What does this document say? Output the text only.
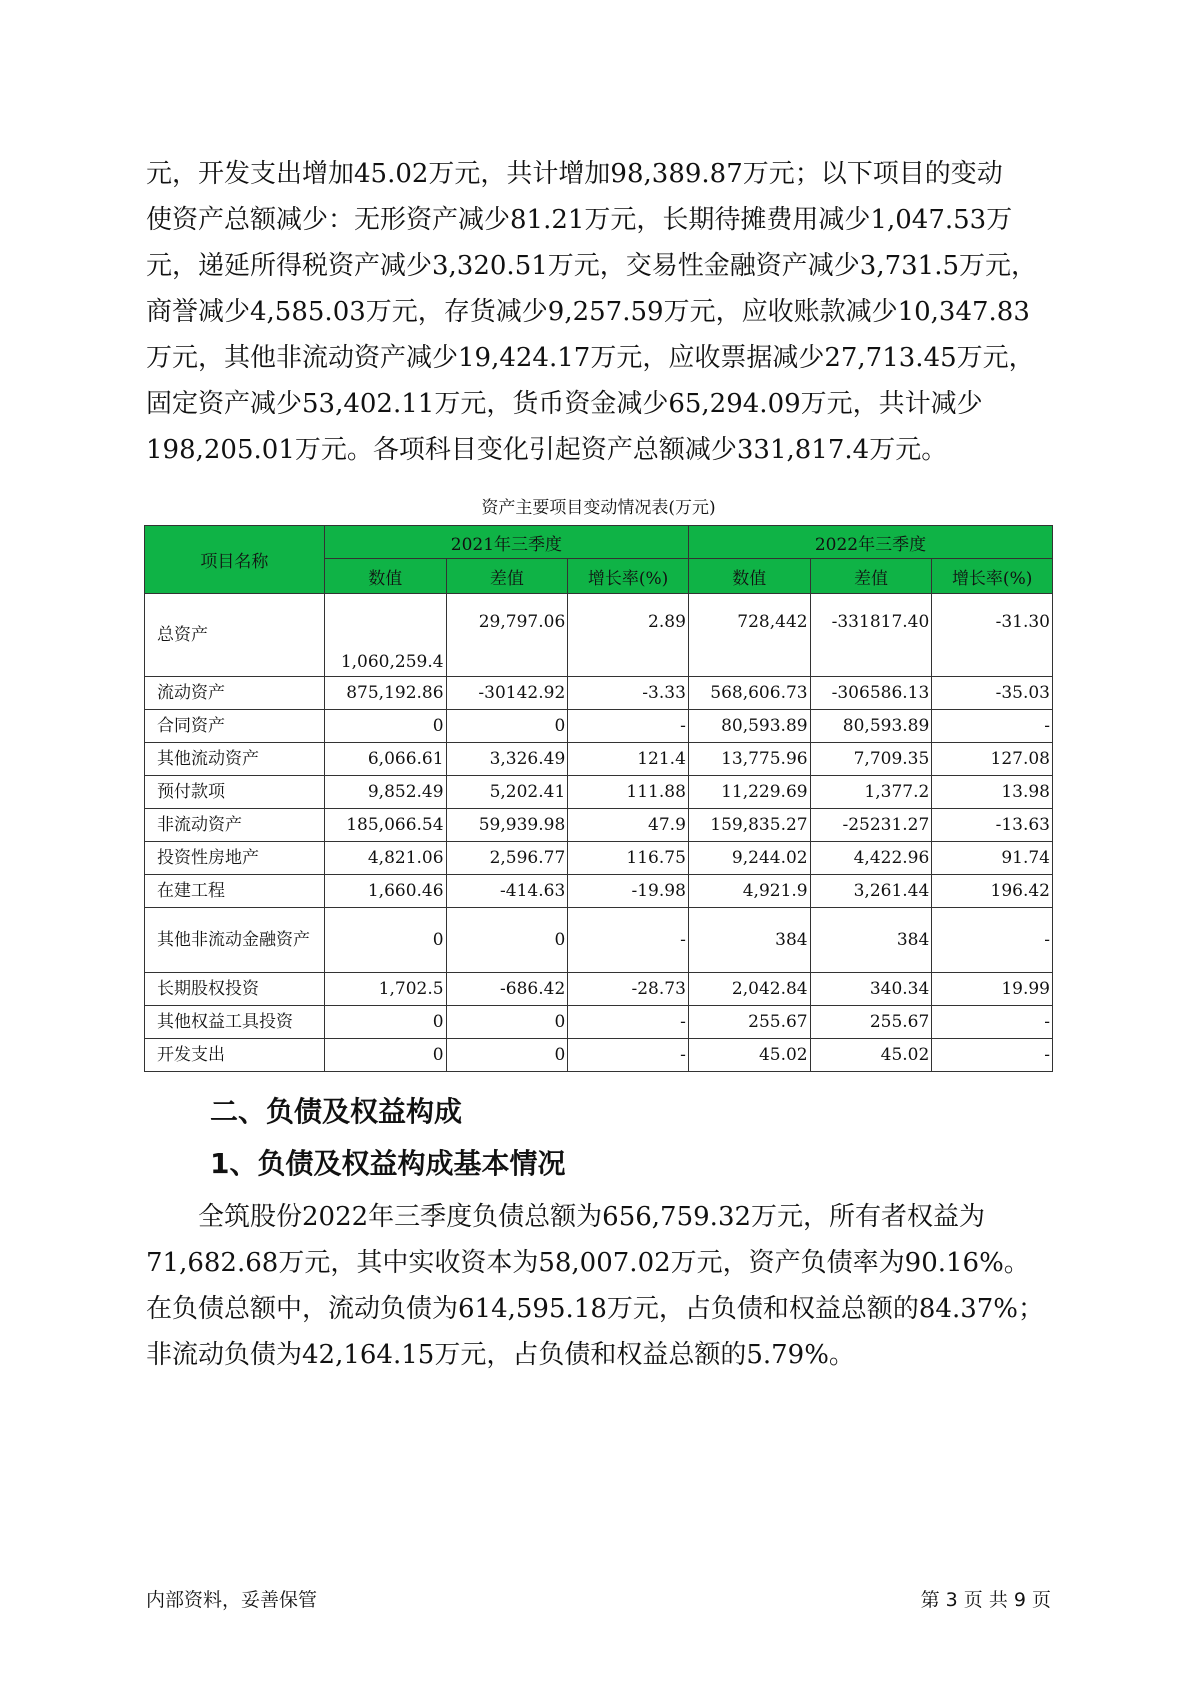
元，开发支出增加45.02万元，共计增加98,389.87万元；以下项目的变动
使资产总额减少：无形资产减少81.21万元，长期待摊费用减少1,047.53万
元，递延所得税资产减少3,320.51万元，交易性金融资产减少3,731.5万元，
商誉减少4,585.03万元，存货减少9,257.59万元，应收账款减少10,347.83
万元，其他非流动资产减少19,424.17万元，应收票据减少27,713.45万元，
固定资产减少53,402.11万元，货币资金减少65,294.09万元，共计减少
198,205.01万元。各项科目变化引起资产总额减少331,817.4万元。
资产主要项目变动情况表(万元)
项目名称	2021年三季度			2022年三季度		
	数值	差值	增长率(%)	数值	差值	增长率(%)
总资产	1,060,259.4	29,797.06	2.89	728,442	-331817.40	-31.30
流动资产	875,192.86	-30142.92	-3.33	568,606.73	-306586.13	-35.03
合同资产	0	0	-	80,593.89	80,593.89	-
其他流动资产	6,066.61	3,326.49	121.4	13,775.96	7,709.35	127.08
预付款项	9,852.49	5,202.41	111.88	11,229.69	1,377.2	13.98
非流动资产	185,066.54	59,939.98	47.9	159,835.27	-25231.27	-13.63
投资性房地产	4,821.06	2,596.77	116.75	9,244.02	4,422.96	91.74
在建工程	1,660.46	-414.63	-19.98	4,921.9	3,261.44	196.42
其他非流动金融资产	0	0	-	384	384	-
长期股权投资	1,702.5	-686.42	-28.73	2,042.84	340.34	19.99
其他权益工具投资	0	0	-	255.67	255.67	-
开发支出	0	0	-	45.02	45.02	-
二、负债及权益构成
1、负债及权益构成基本情况
　　全筑股份2022年三季度负债总额为656,759.32万元，所有者权益为
71,682.68万元，其中实收资本为58,007.02万元，资产负债率为90.16%。
在负债总额中，流动负债为614,595.18万元，占负债和权益总额的84.37%；
非流动负债为42,164.15万元，占负债和权益总额的5.79%。
内部资料，妥善保管	第 3 页 共 9 页
